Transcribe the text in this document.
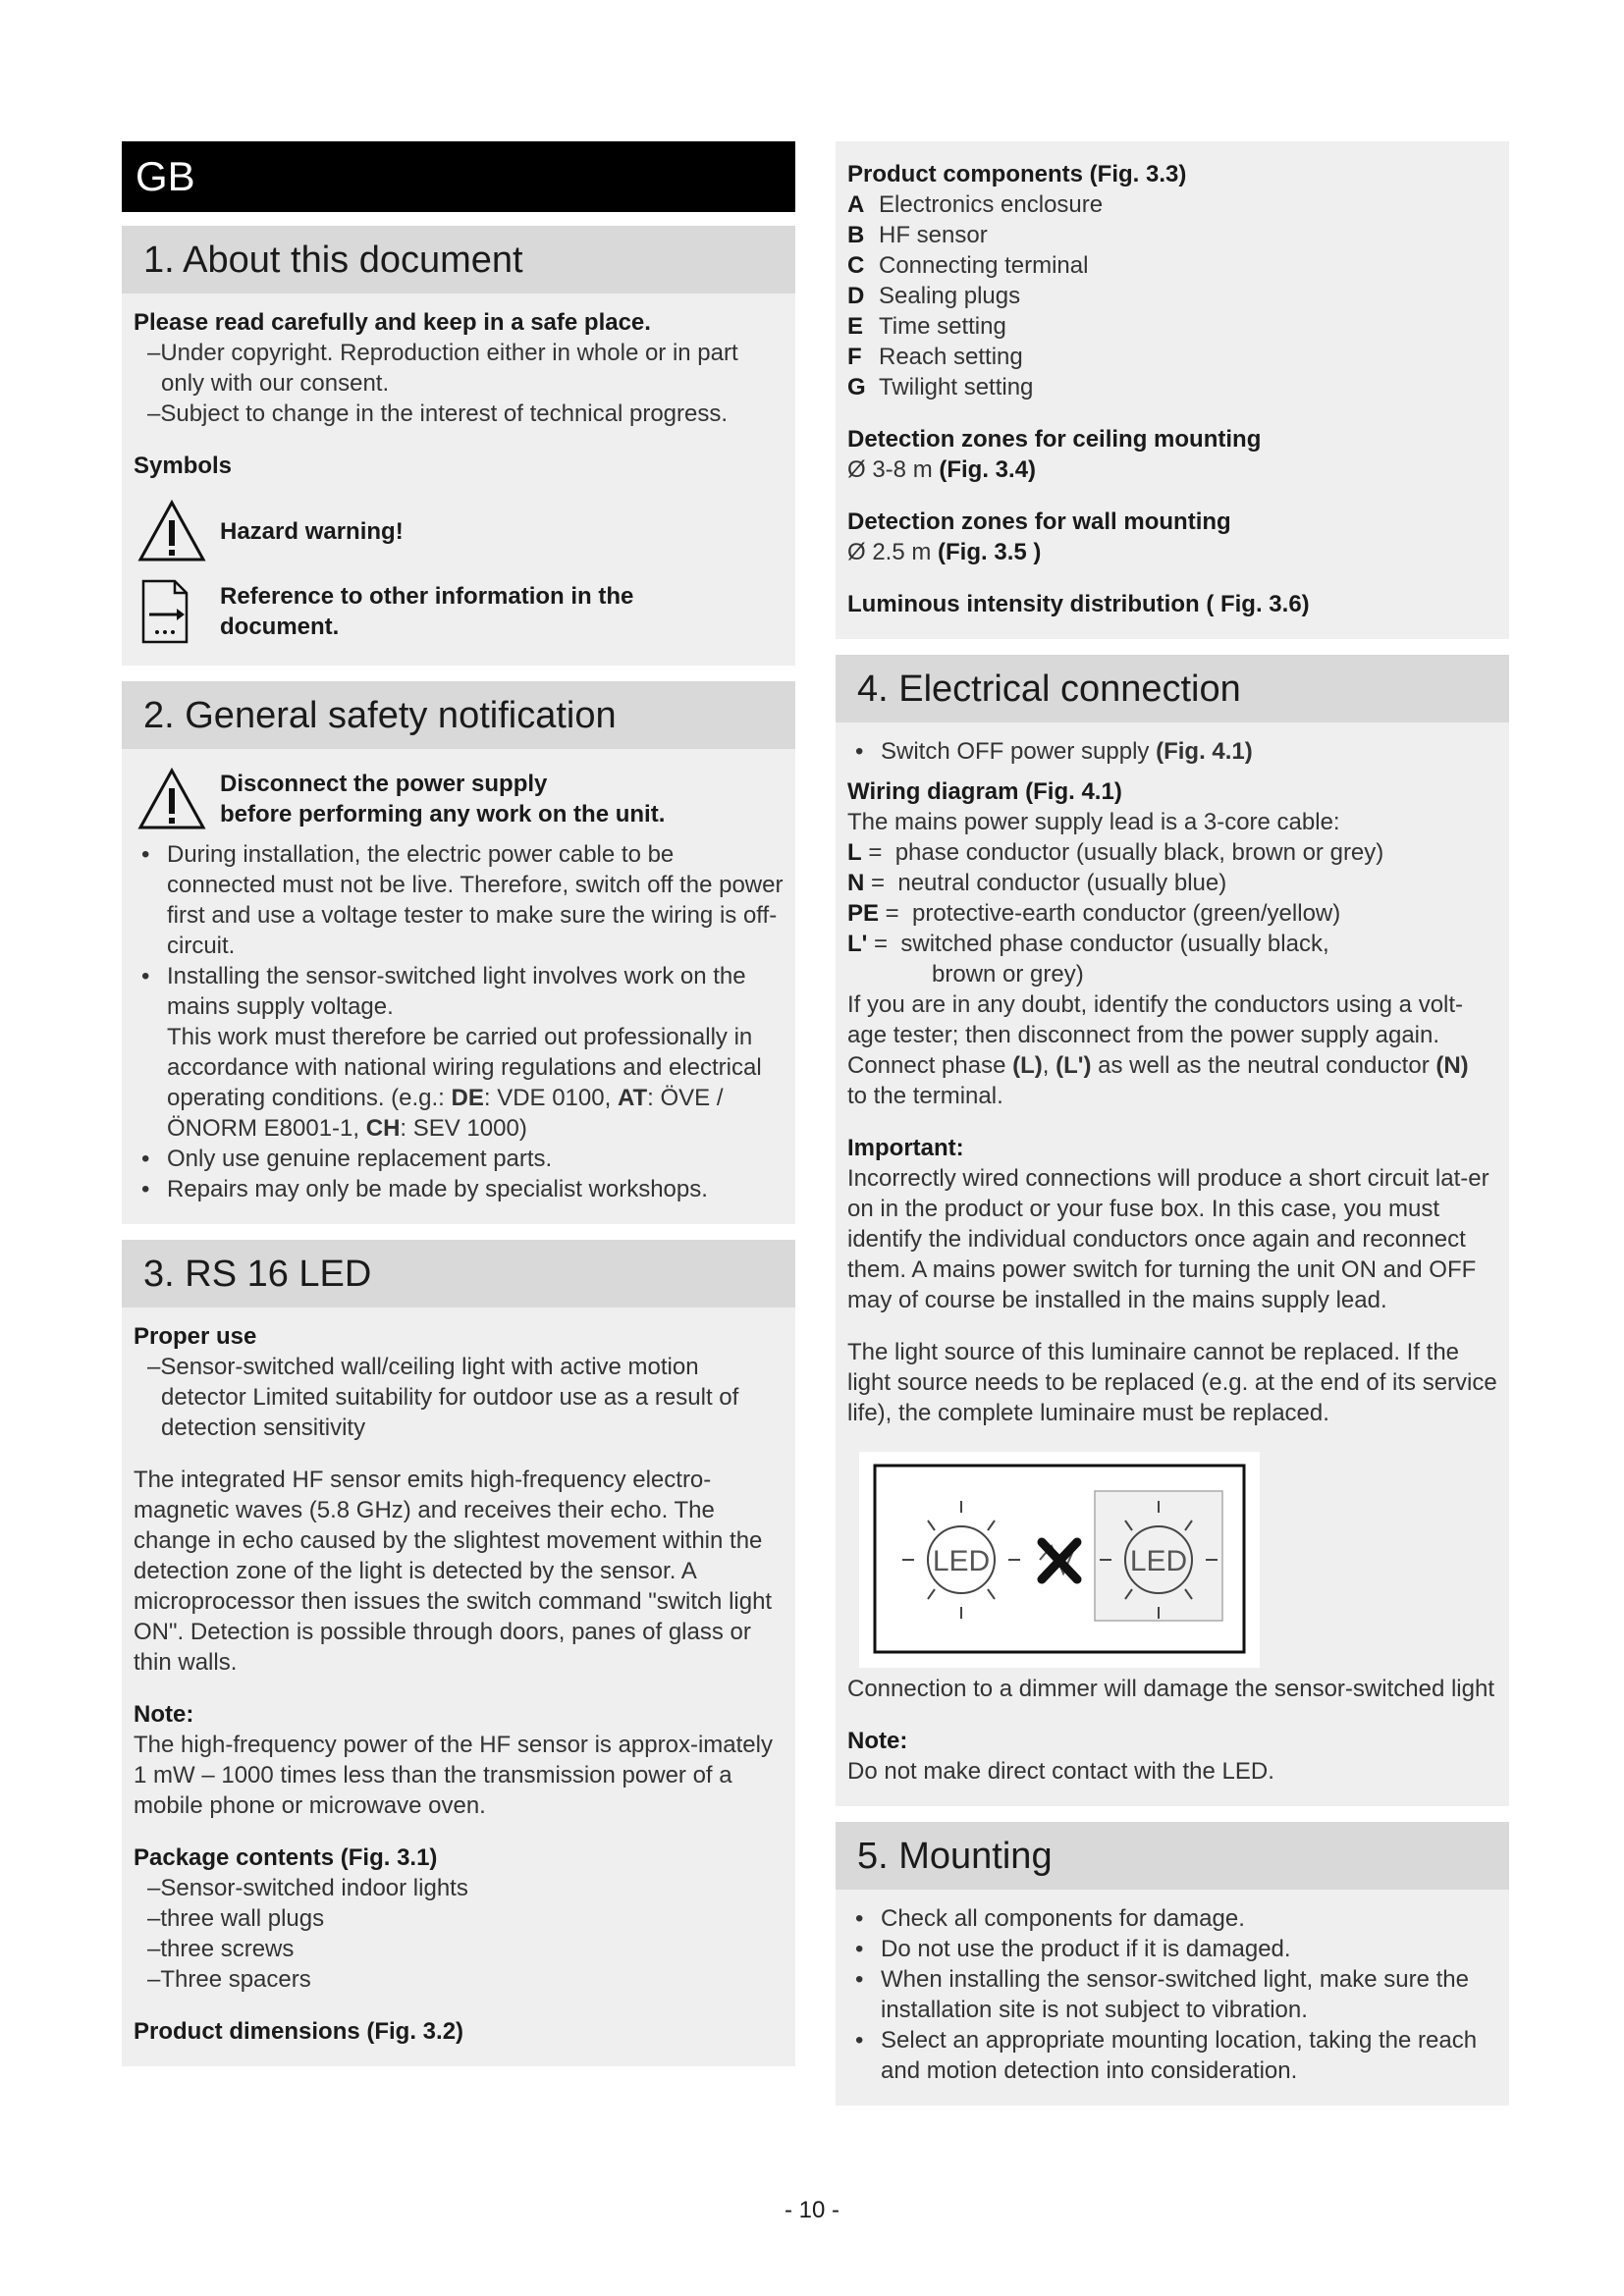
GB
1. About this document

Please read carefully and keep in a safe place.

–Under copyright. Reproduction either in whole or in part

only with our consent.

–Subject to change in the interest of technical progress.

Symbols

Hazard warning!
Reference to other information in the
document.
2. General safety notification
Disconnect the power supply
before performing any work on the unit.
• During installation, the electric power cable to be connected must not be live. Therefore, switch off the power first and use a voltage tester to make sure the wiring is off-circuit.
• Installing the sensor-switched light involves work on the mains supply voltage.
This work must therefore be carried out professionally in accordance with national wiring regulations and electrical operating conditions. (e.g.: DE: VDE 0100, AT: ÖVE / ÖNORM E8001-1, CH: SEV 1000)
• Only use genuine replacement parts.
• Repairs may only be made by specialist workshops.
3. RS 16 LED

Proper use

–Sensor-switched wall/ceiling light with active motion

detector Limited suitability for outdoor use as a result of detection sensitivity

The integrated HF sensor emits high-frequency electro-magnetic waves (5.8 GHz) and receives their echo. The change in echo caused by the slightest movement within the detection zone of the light is detected by the sensor. A microprocessor then issues the switch command "switch light ON". Detection is possible through doors, panes of glass or thin walls.

Note:

The high-frequency power of the HF sensor is approx-imately 1 mW – 1000 times less than the transmission power of a mobile phone or microwave oven.

Package contents (Fig. 3.1)

–Sensor-switched indoor lights

–three wall plugs

–three screws

–Three spacers

Product dimensions (Fig. 3.2)

Product components (Fig. 3.3)

A Electronics enclosure
B HF sensor
C Connecting terminal
D Sealing plugs
E Time setting
F Reach setting
G Twilight setting

Detection zones for ceiling mounting

Ø 3-8 m (Fig. 3.4)

Detection zones for wall mounting

Ø 2.5 m (Fig. 3.5 )

Luminous intensity distribution ( Fig. 3.6)

4. Electrical connection
• Switch OFF power supply (Fig. 4.1)

Wiring diagram (Fig. 4.1)

The mains power supply lead is a 3-core cable:

L =  phase conductor (usually black, brown or grey)
N =  neutral conductor (usually blue)
PE =  protective-earth conductor (green/yellow)
L' =  switched phase conductor (usually black,

brown or grey)

If you are in any doubt, identify the conductors using a volt-age tester; then disconnect from the power supply again.

Connect phase (L), (L') as well as the neutral conductor (N)

to the terminal.

Important:

Incorrectly wired connections will produce a short circuit lat-er on in the product or your fuse box. In this case, you must identify the individual conductors once again and reconnect them. A mains power switch for turning the unit ON and OFF may of course be installed in the mains supply lead.

The light source of this luminaire cannot be replaced. If the light source needs to be replaced (e.g. at the end of its service life), the complete luminaire must be replaced.

LED	LED

Connection to a dimmer will damage the sensor-switched light

Note:

Do not make direct contact with the LED.

5. Mounting
• Check all components for damage.
• Do not use the product if it is damaged.
• When installing the sensor-switched light, make sure the installation site is not subject to vibration.
• Select an appropriate mounting location, taking the reach and motion detection into consideration.
- 10 -
